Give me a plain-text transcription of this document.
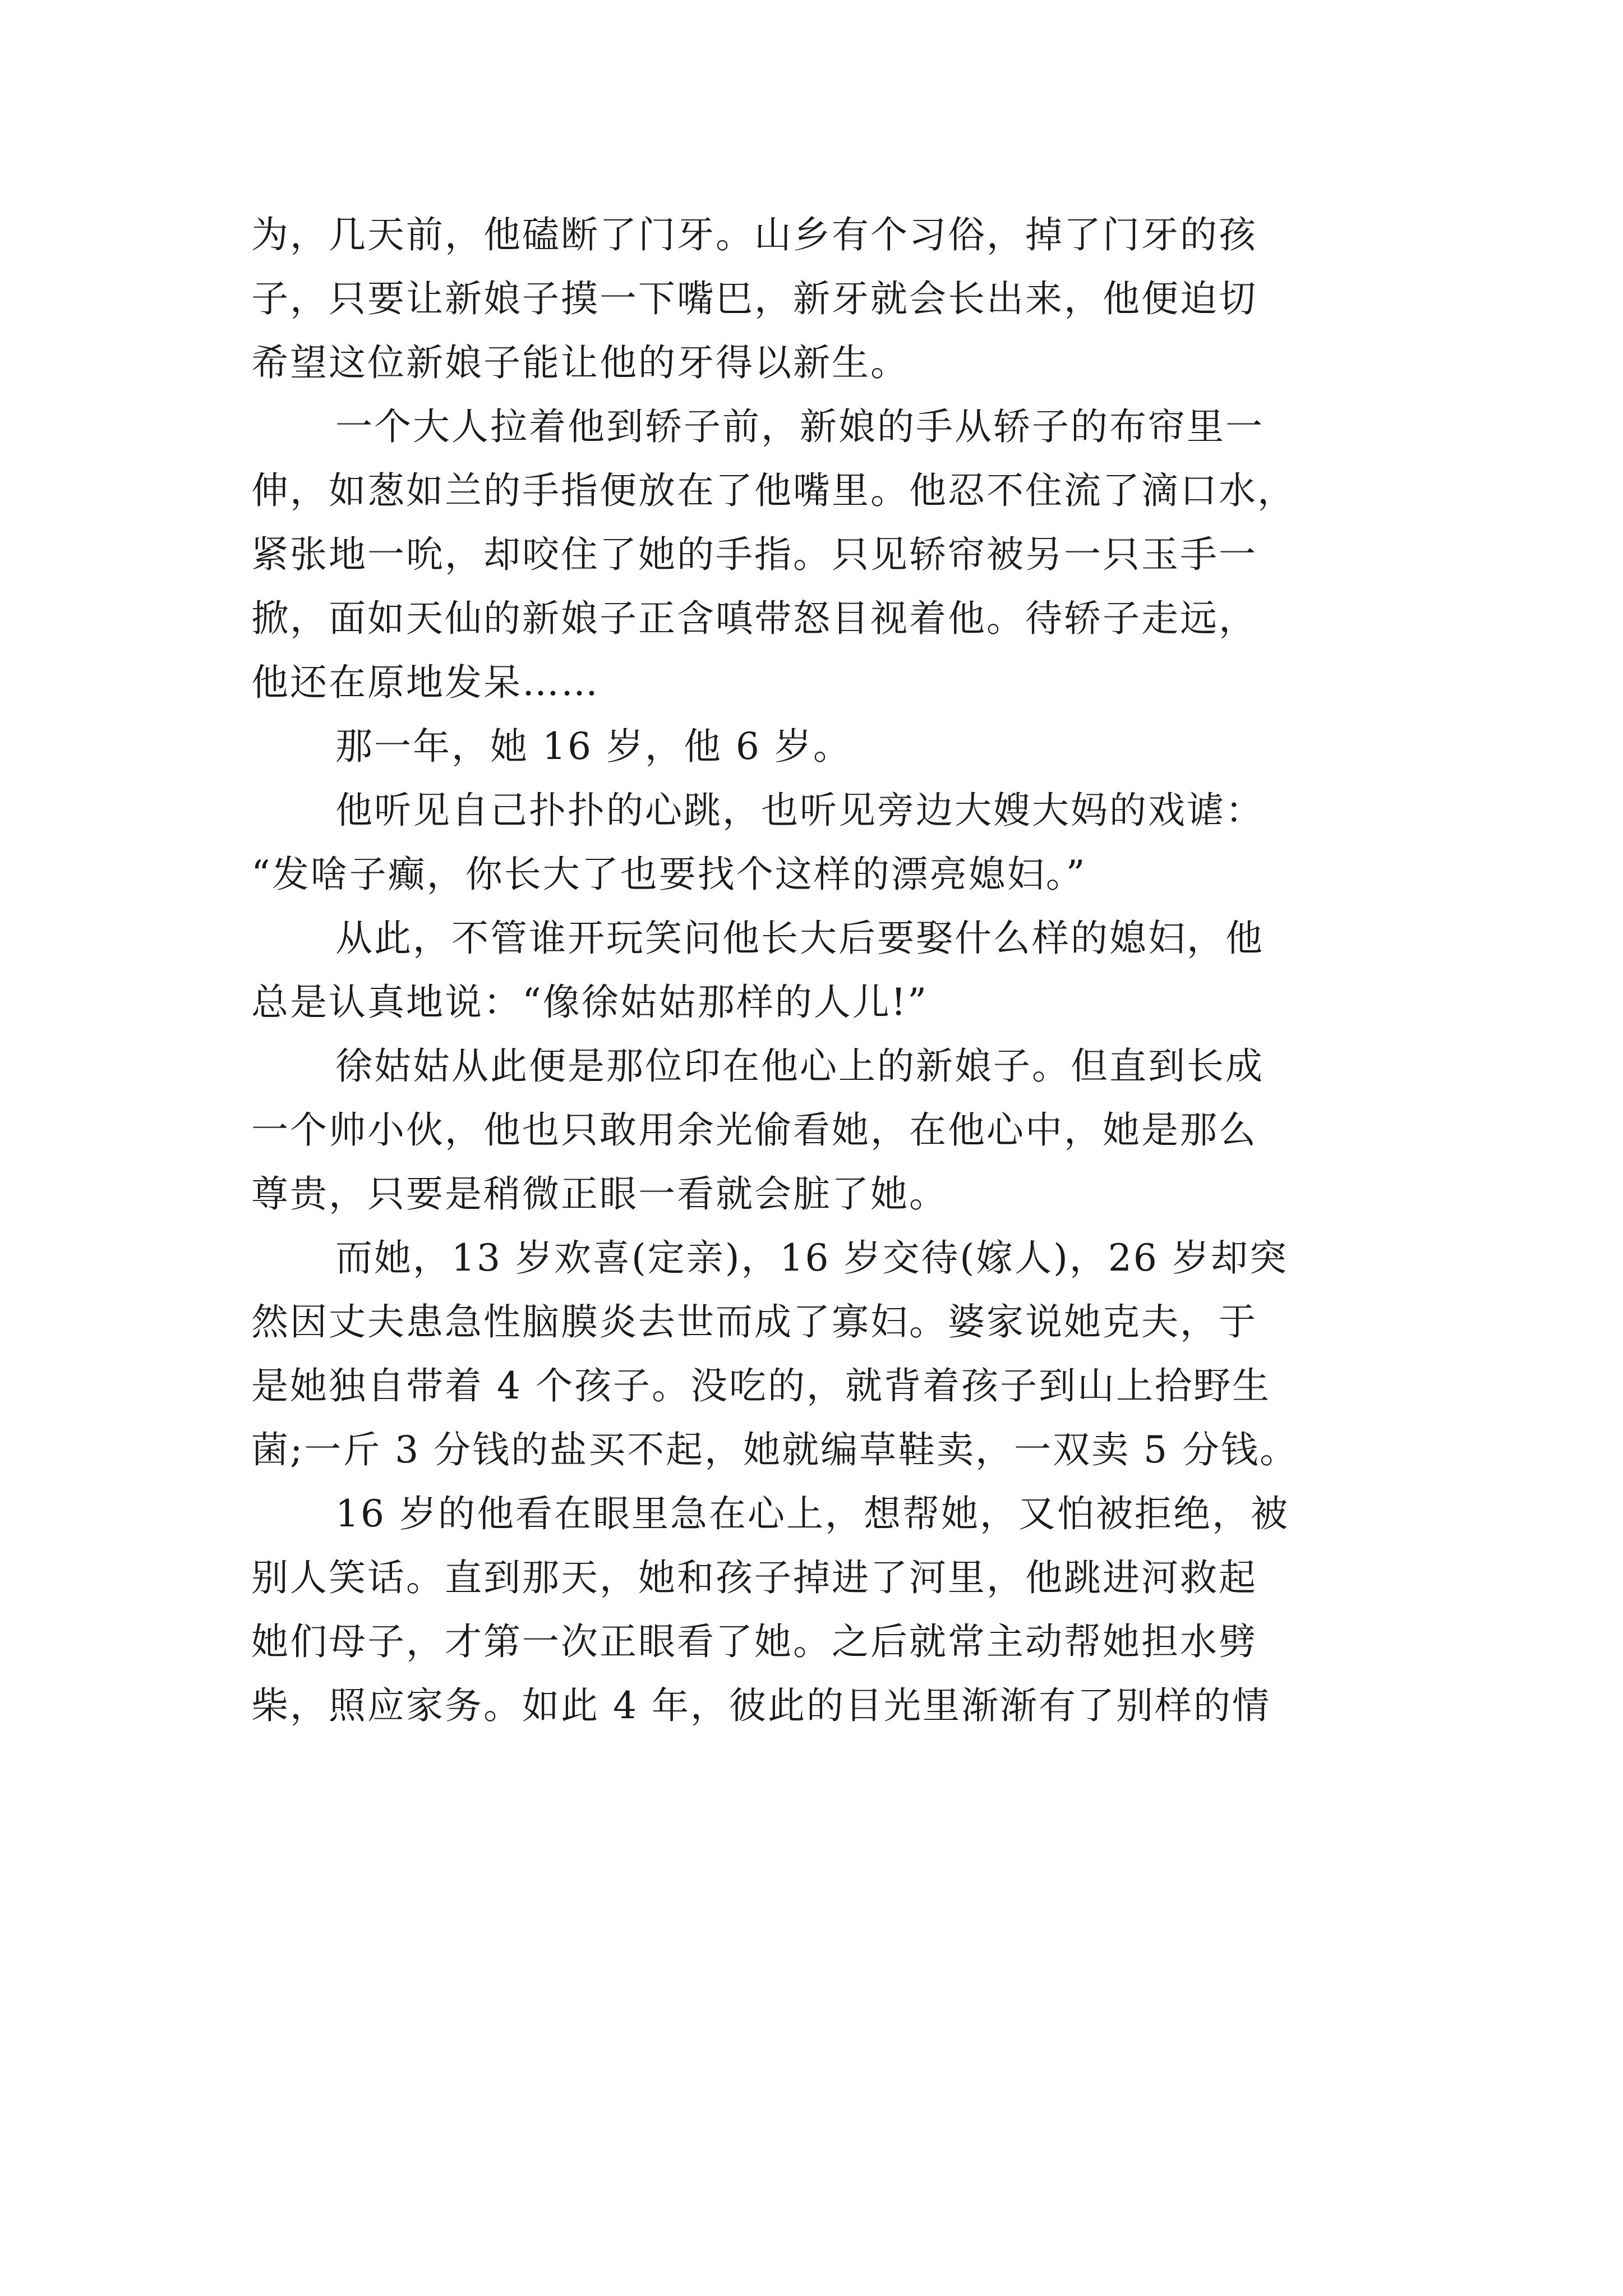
为，几天前，他磕断了门牙。山乡有个习俗，掉了门牙的孩
子，只要让新娘子摸一下嘴巴，新牙就会长出来，他便迫切
希望这位新娘子能让他的牙得以新生。
一个大人拉着他到轿子前，新娘的手从轿子的布帘里一
伸，如葱如兰的手指便放在了他嘴里。他忍不住流了滴口水，
紧张地一吮，却咬住了她的手指。只见轿帘被另一只玉手一
掀，面如天仙的新娘子正含嗔带怒目视着他。待轿子走远，
他还在原地发呆……
那一年，她 16 岁，他 6 岁。
他听见自己扑扑的心跳，也听见旁边大嫂大妈的戏谑：
“发啥子癫，你长大了也要找个这样的漂亮媳妇。”
从此，不管谁开玩笑问他长大后要娶什么样的媳妇，他
总是认真地说：“像徐姑姑那样的人儿!”
徐姑姑从此便是那位印在他心上的新娘子。但直到长成
一个帅小伙，他也只敢用余光偷看她，在他心中，她是那么
尊贵，只要是稍微正眼一看就会脏了她。
而她，13 岁欢喜(定亲)，16 岁交待(嫁人)，26 岁却突
然因丈夫患急性脑膜炎去世而成了寡妇。婆家说她克夫，于
是她独自带着 4 个孩子。没吃的，就背着孩子到山上拾野生
菌;一斤 3 分钱的盐买不起，她就编草鞋卖，一双卖 5 分钱。
16 岁的他看在眼里急在心上，想帮她，又怕被拒绝，被
别人笑话。直到那天，她和孩子掉进了河里，他跳进河救起
她们母子，才第一次正眼看了她。之后就常主动帮她担水劈
柴，照应家务。如此 4 年，彼此的目光里渐渐有了别样的情
